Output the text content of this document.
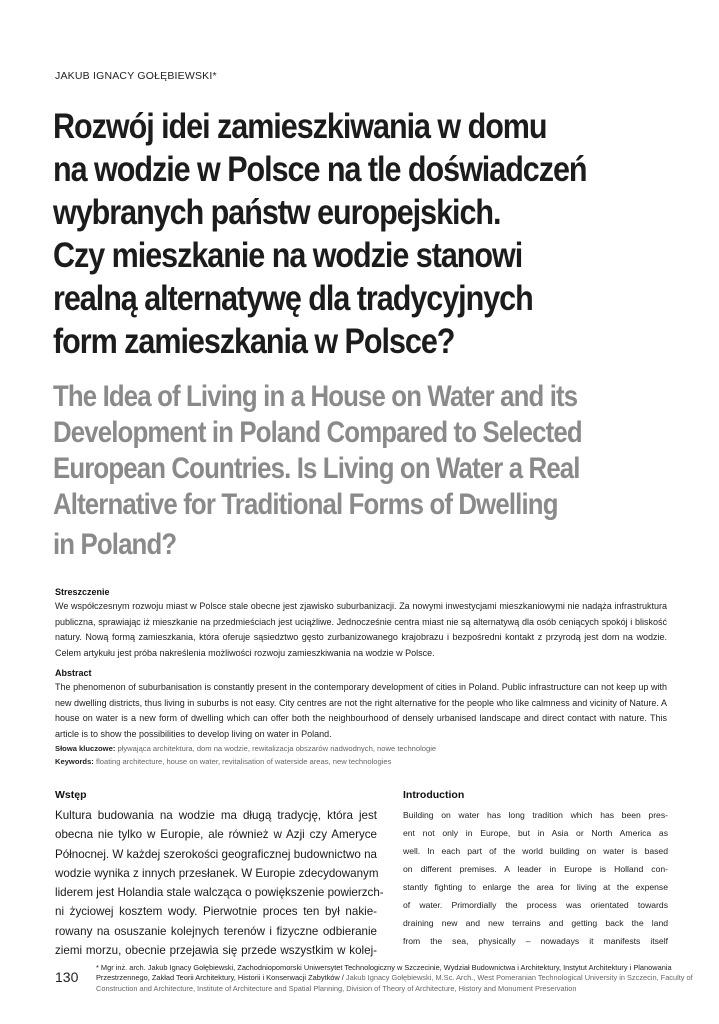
JAKUB IGNACY GOŁĘBIEWSKI*
Rozwój idei zamieszkiwania w domu
na wodzie w Polsce na tle doświadczeń
wybranych państw europejskich.
Czy mieszkanie na wodzie stanowi
realną alternatywę dla tradycyjnych
form zamieszkania w Polsce?
The Idea of Living in a House on Water and its
Development in Poland Compared to Selected
European Countries. Is Living on Water a Real
Alternative for Traditional Forms of Dwelling
in Poland?
Streszczenie
We współczesnym rozwoju miast w Polsce stale obecne jest zjawisko suburbanizacji. Za nowymi inwestycjami mieszkaniowymi nie nadąża infrastruktura publiczna, sprawiając iż mieszkanie na przedmieściach jest uciążliwe. Jednocześnie centra miast nie są alternatywą dla osób ceniących spokój i bliskość natury. Nową formą zamieszkania, która oferuje sąsiedztwo gęsto zurbanizowanego krajobrazu i bezpośredni kontakt z przyrodą jest dom na wodzie. Celem artykułu jest próba nakreślenia możliwości rozwoju zamieszkiwania na wodzie w Polsce.
Abstract
The phenomenon of suburbanisation is constantly present in the contemporary development of cities in Poland. Public infrastructure can not keep up with new dwelling districts, thus living in suburbs is not easy. City centres are not the right alternative for the people who like calmness and vicinity of Nature. A house on water is a new form of dwelling which can offer both the neighbourhood of densely urbanised landscape and direct contact with nature. This article is to show the possibilities to develop living on water in Poland.
Słowa kluczowe: pływająca architektura, dom na wodzie, rewitalizacja obszarów nadwodnych, nowe technologie
Keywords: floating architecture, house on water, revitalisation of waterside areas, new technologies
Wstęp
Kultura budowania na wodzie ma długą tradycję, która jest
obecna nie tylko w Europie, ale również w Azji czy Ameryce
Północnej. W każdej szerokości geograficznej budownictwo na
wodzie wynika z innych przesłanek. W Europie zdecydowanym
liderem jest Holandia stale walcząca o powiększenie powierzch-
ni życiowej kosztem wody. Pierwotnie proces ten był nakie-
rowany na osuszanie kolejnych terenów i fizyczne odbieranie
ziemi morzu, obecnie przejawia się przede wszystkim w kolej-
Introduction
Building on water has long tradition which has been pres-
ent not only in Europe, but in Asia or North America as
well. In each part of the world building on water is based
on different premises. A leader in Europe is Holland con-
stantly fighting to enlarge the area for living at the expense
of water. Primordially the process was orientated towards
draining new and new terrains and getting back the land
from the sea, physically – nowadays it manifests itself
130
* Mgr inż. arch. Jakub Ignacy Gołębiewski, Zachodniopomorski Uniwersytet Technologiczny w Szczecinie, Wydział Budownictwa i Architektury, Instytut Architektury i Planowania Przestrzennego, Zakład Teorii Architektury, Historii i Konserwacji Zabytków / Jakub Ignacy Gołębiewski, M.Sc. Arch., West Pomeranian Technological University in Szczecin, Faculty of Construction and Architecture, Institute of Architecture and Spatial Planning, Division of Theory of Architecture, History and Monument Preservation
